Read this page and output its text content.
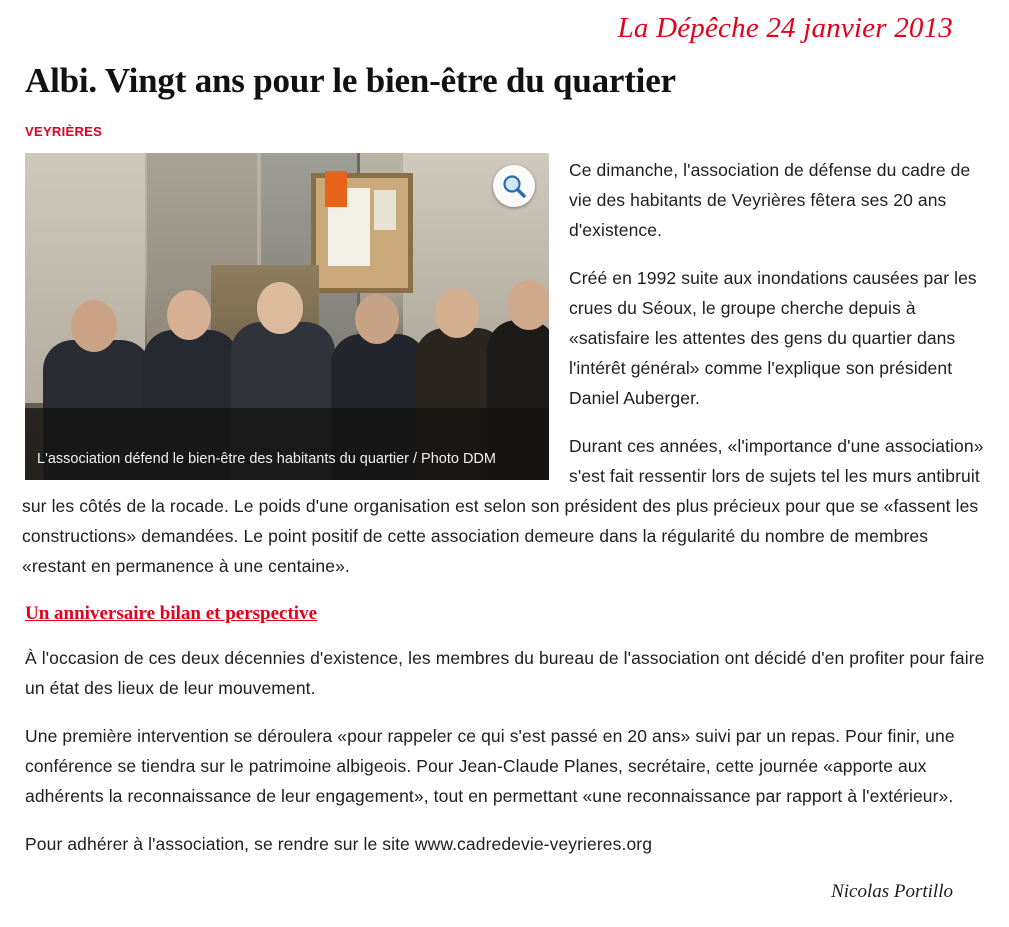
La Dépêche 24 janvier 2013
Albi. Vingt ans pour le bien-être du quartier
VEYRIÈRES
L'association défend le bien-être des habitants du quartier / Photo DDM

Ce dimanche, l'association de défense du cadre de vie des habitants de Veyrières fêtera ses 20 ans d'existence.

Créé en 1992 suite aux inondations causées par les crues du Séoux, le groupe cherche depuis à «satisfaire les attentes des gens du quartier dans l'intérêt général» comme l'explique son président Daniel Auberger.

Durant ces années, «l'importance d'une association» s'est fait ressentir lors de sujets tel les murs antibruit sur les côtés de la rocade. Le poids d'une organisation est selon son président des plus précieux pour que se «fassent les constructions» demandées. Le point positif de cette association demeure dans la régularité du nombre de membres «restant en permanence à une centaine».

Un anniversaire bilan et perspective

À l'occasion de ces deux décennies d'existence, les membres du bureau de l'association ont décidé d'en profiter pour faire un état des lieux de leur mouvement.

Une première intervention se déroulera «pour rappeler ce qui s'est passé en 20 ans» suivi par un repas. Pour finir, une conférence se tiendra sur le patrimoine albigeois. Pour Jean-Claude Planes, secrétaire, cette journée «apporte aux adhérents la reconnaissance de leur engagement», tout en permettant «une reconnaissance par rapport à l'extérieur».

Pour adhérer à l'association, se rendre sur le site www.cadredevie-veyrieres.org

Nicolas Portillo
